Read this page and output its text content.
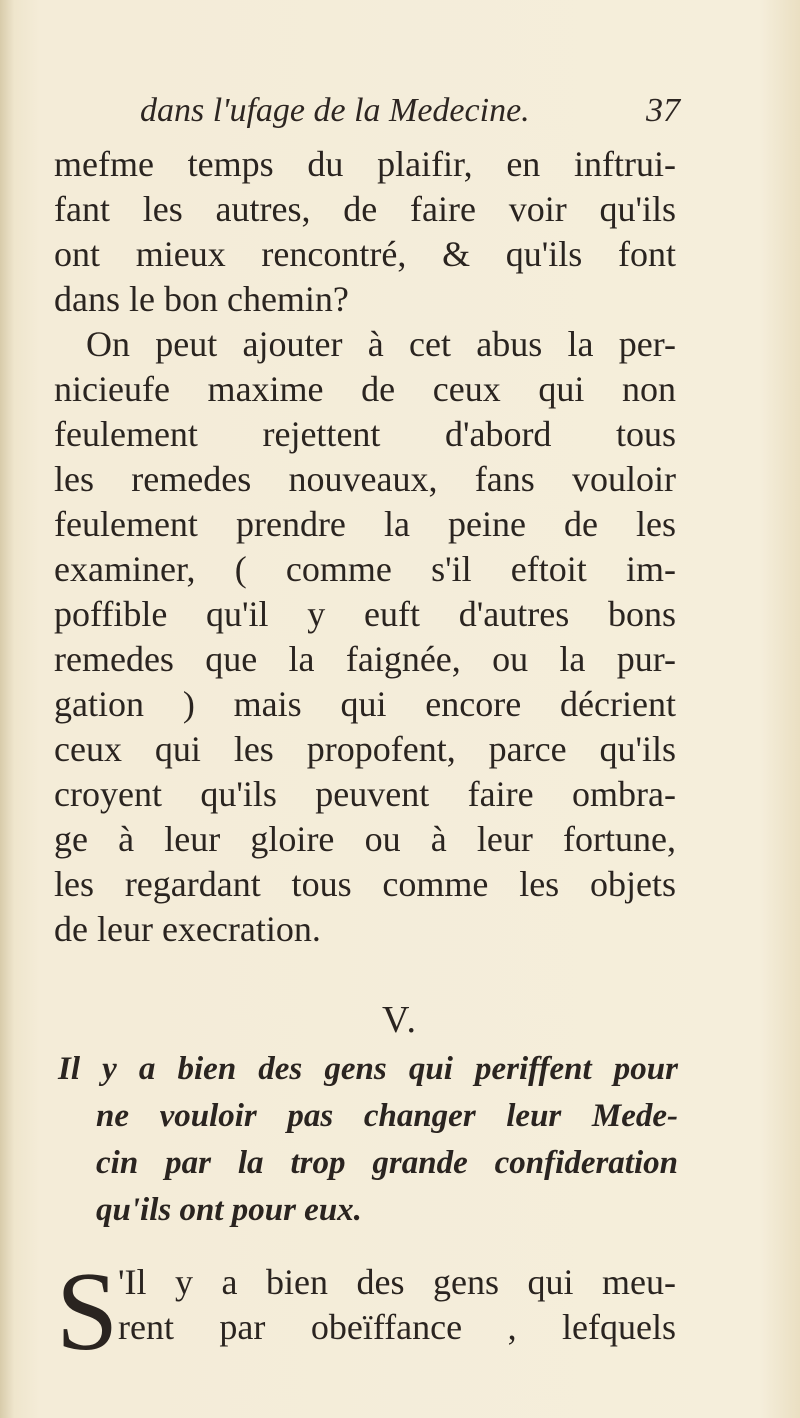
dans l'ufage de la Medecine.	37
mefme temps du plaifir, en inftrui-
fant les autres, de faire voir qu'ils
ont mieux rencontré, & qu'ils font
dans le bon chemin?
On peut ajouter à cet abus la per-
nicieufe maxime de ceux qui non
feulement rejettent d'abord tous
les remedes nouveaux, fans vouloir
feulement prendre la peine de les
examiner, ( comme s'il eftoit im-
poffible qu'il y euft d'autres bons
remedes que la faignée, ou la pur-
gation ) mais qui encore décrient
ceux qui les propofent, parce qu'ils
croyent qu'ils peuvent faire ombra-
ge à leur gloire ou à leur fortune,
les regardant tous comme les objets
de leur execration.
V.
Il y a bien des gens qui periffent pour
ne vouloir pas changer leur Mede-
cin par la trop grande confideration
qu'ils ont pour eux.
S 'Il y a bien des gens qui meu-
rent par obeïffance , lefquels
